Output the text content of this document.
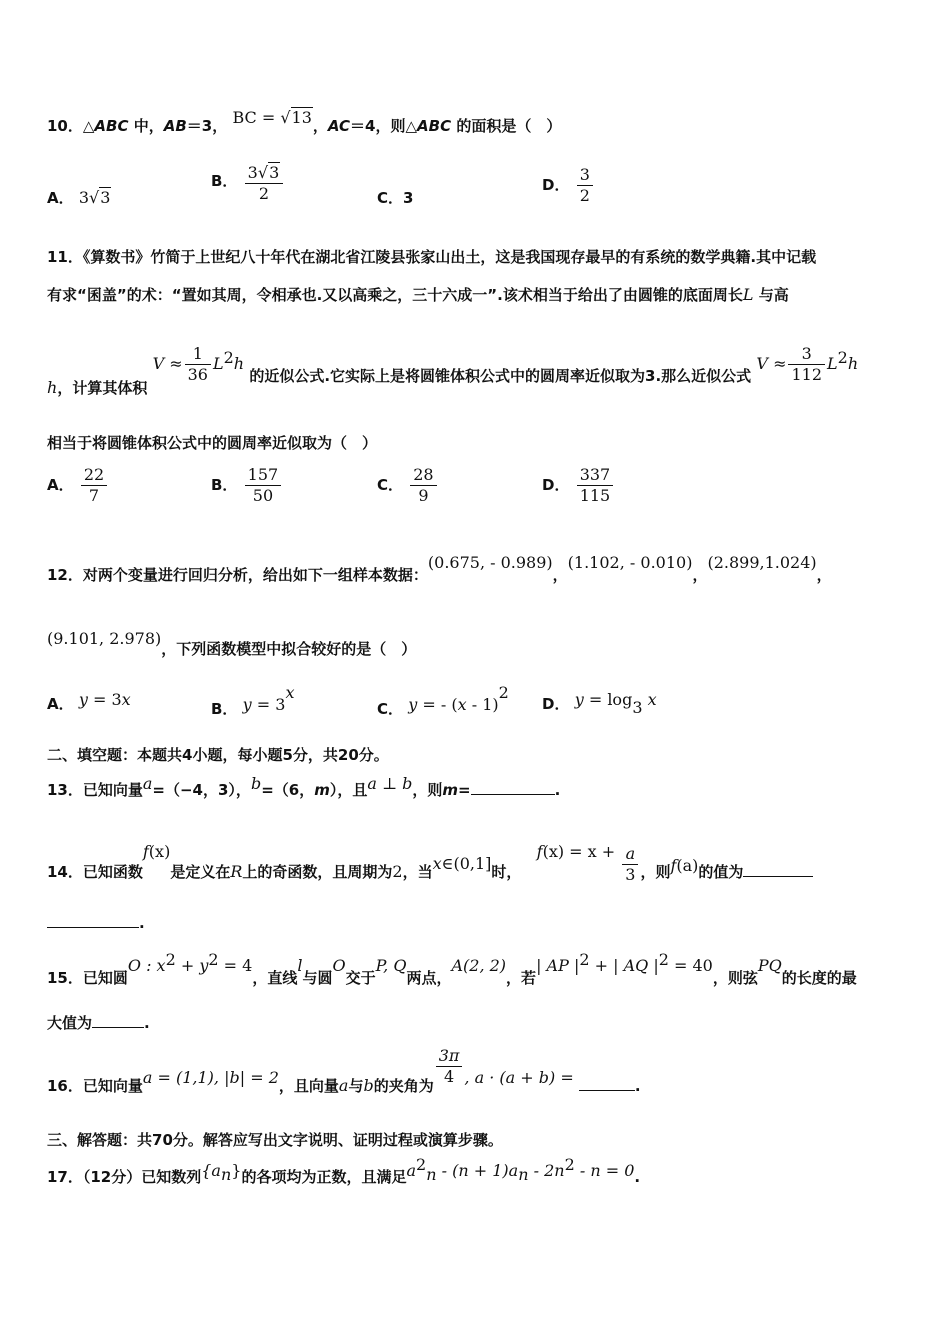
10．△ABC 中，AB＝3， BC = √13，AC＝4，则△ABC 的面积是（　）
A． 3√3
B． $\frac{3√3}{2}$	C．3
D． $\frac{3}{2}$
11．《算数书》竹简于上世纪八十年代在湖北省江陵县张家山出土，这是我国现存最早的有系统的数学典籍.其中记载
有求“囷盖”的术：“置如其周，令相承也.又以高乘之，三十六成一”.该术相当于给出了由圆锥的底面周长L 与高
h，计算其体积 $V \approx \frac{1}{36} L^2h$ 的近似公式.它实际上是将圆锥体积公式中的圆周率近似取为3.那么近似公式 $V \approx \frac{3}{112} L^2h$
相当于将圆锥体积公式中的圆周率近似取为（　）
A． $\frac{22}{7}$	B． $\frac{157}{50}$	C． $\frac{28}{9}$	D． $\frac{337}{115}$
12．对两个变量进行回归分析，给出如下一组样本数据：(0.675, - 0.989)，(1.102, - 0.010)，(2.899,1.024)，
(9.101, 2.978)，下列函数模型中拟合较好的是（　）
A． y = 3x	B． $y = 3^x$
C． y = - (x - 1)$^2$
D． $y = \log_3 x$
二、填空题：本题共4小题，每小题5分，共20分。
13．已知向量a=（−4，3），b=（6，m），且a ⊥ b，则m=	.
14．已知函数f(x)是定义在R上的奇函数，且周期为2，当x∈(0,1]时， $f(x) = x + \frac{a}{3}$ ，则f(a)的值为
.
15．已知圆O : $x^2 + y^2 = 4$，直线l与圆O交于P, Q两点，A(2, 2)，若| AP $|^2$ + | AQ $|^2 = 40$，则弦PQ的长度的最
大值为	.
16．已知向量a = (1,1), |b| = 2，且向量a与b的夹角为 $\frac{3\pi}{4}$ , a · (a + b) =	.
三、解答题：共70分。解答应写出文字说明、证明过程或演算步骤。
17．（12分）已知数列$\{a_n\}$的各项均为正数，且满足$a^2_n - (n + 1)a_n - 2n^2 - n = 0$.
